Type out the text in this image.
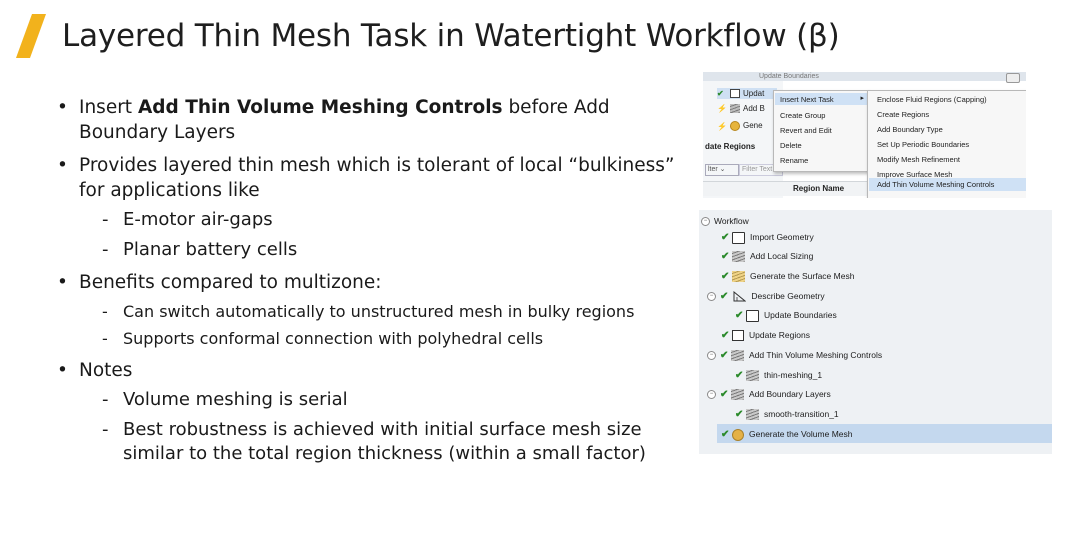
Layered Thin Mesh Task in Watertight Workflow (β)
• Insert Add Thin Volume Meshing Controls before Add Boundary Layers
• Provides layered thin mesh which is tolerant of local “bulkiness” for applications like
- E-motor air-gaps
- Planar battery cells
• Benefits compared to multizone:
- Can switch automatically to unstructured mesh in bulky regions
- Supports conformal connection with polyhedral cells
• Notes
- Volume meshing is serial
- Best robustness is achieved with initial surface mesh size similar to the total region thickness (within a small factor)
Update Boundaries
✔ Updat
⚡ Add B
⚡ Gene
date Regions
lter ⌄	Filter Text
Region Name
Insert Next Task	▸
Create Group
Revert and Edit
Delete
Rename
Enclose Fluid Regions (Capping)
Create Regions
Add Boundary Type
Set Up Periodic Boundaries
Modify Mesh Refinement
Improve Surface Mesh
Add Thin Volume Meshing Controls
− Workflow
✔ Import Geometry
✔ Add Local Sizing
✔ Generate the Surface Mesh
− ✔	Describe Geometry
✔ Update Boundaries
✔ Update Regions
− ✔ Add Thin Volume Meshing Controls
✔ thin-meshing_1
− ✔ Add Boundary Layers
✔ smooth-transition_1
✔ Generate the Volume Mesh
